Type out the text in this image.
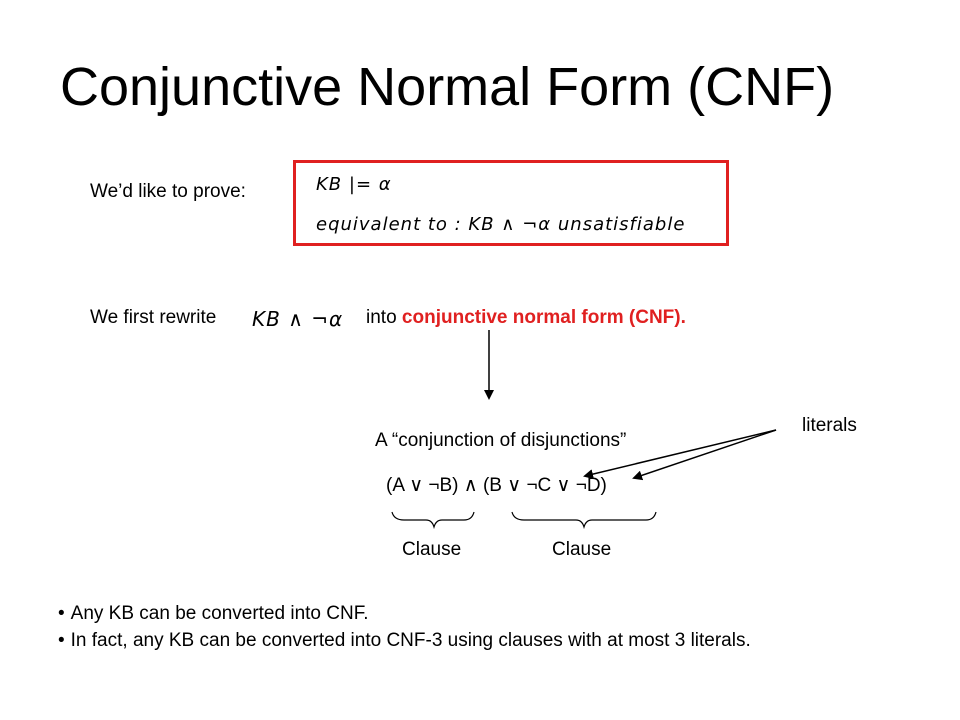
Conjunctive Normal Form (CNF)
We’d like to prove:	KB |= α
equivalent to : KB ∧ ¬α unsatisfiable
We first rewrite KB ∧ ¬α into conjunctive normal form (CNF).
A “conjunction of disjunctions”
literals
(A ∨ ¬B) ∧ (B ∨ ¬C ∨ ¬D)
Clause	Clause
• Any KB can be converted into CNF.
• In fact, any KB can be converted into CNF-3 using clauses with at most 3 literals.
